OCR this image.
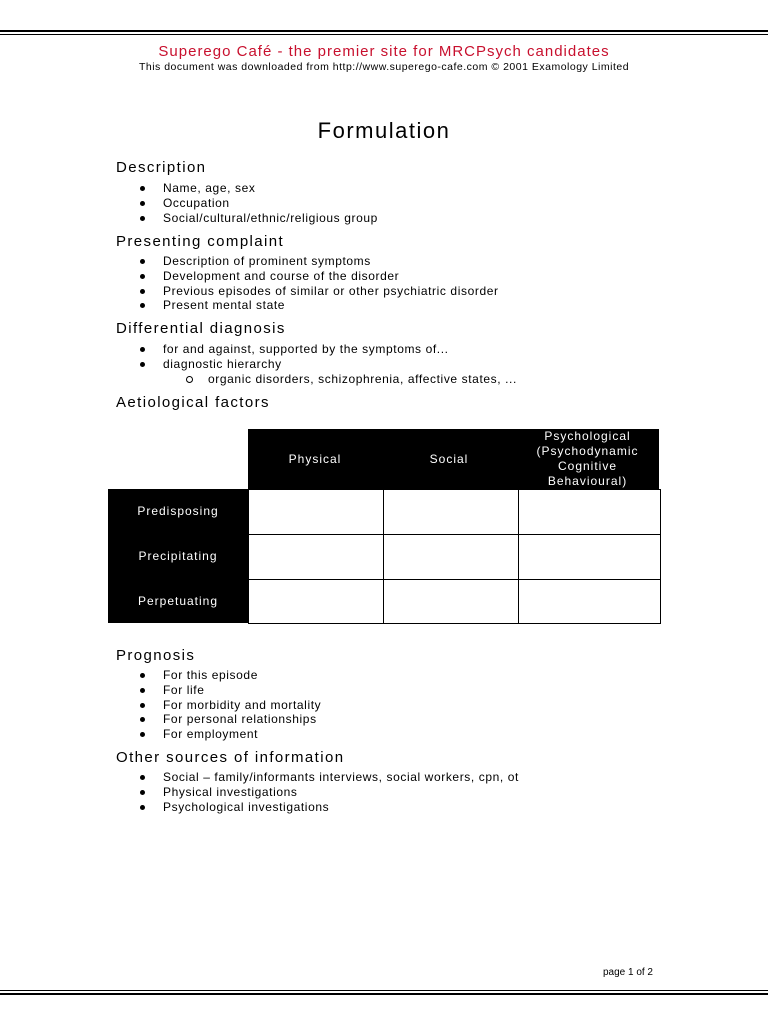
Superego Café - the premier site for MRCPsych candidates
This document was downloaded from http://www.superego-cafe.com © 2001 Examology Limited
Formulation
Description
Name, age, sex
Occupation
Social/cultural/ethnic/religious group
Presenting complaint
Description of prominent symptoms
Development and course of the disorder
Previous episodes of similar or other psychiatric disorder
Present mental state
Differential diagnosis
for and against, supported by the symptoms of...
diagnostic hierarchy
organic disorders, schizophrenia, affective states, ...
Aetiological factors
Physical	Social
Psychological
(Psychodynamic
Cognitive
Behavioural)
Predisposing
Precipitating
Perpetuating
Prognosis
For this episode
For life
For morbidity and mortality
For personal relationships
For employment
Other sources of information
Social – family/informants interviews, social workers, cpn, ot
Physical investigations
Psychological investigations
page 1 of 2
